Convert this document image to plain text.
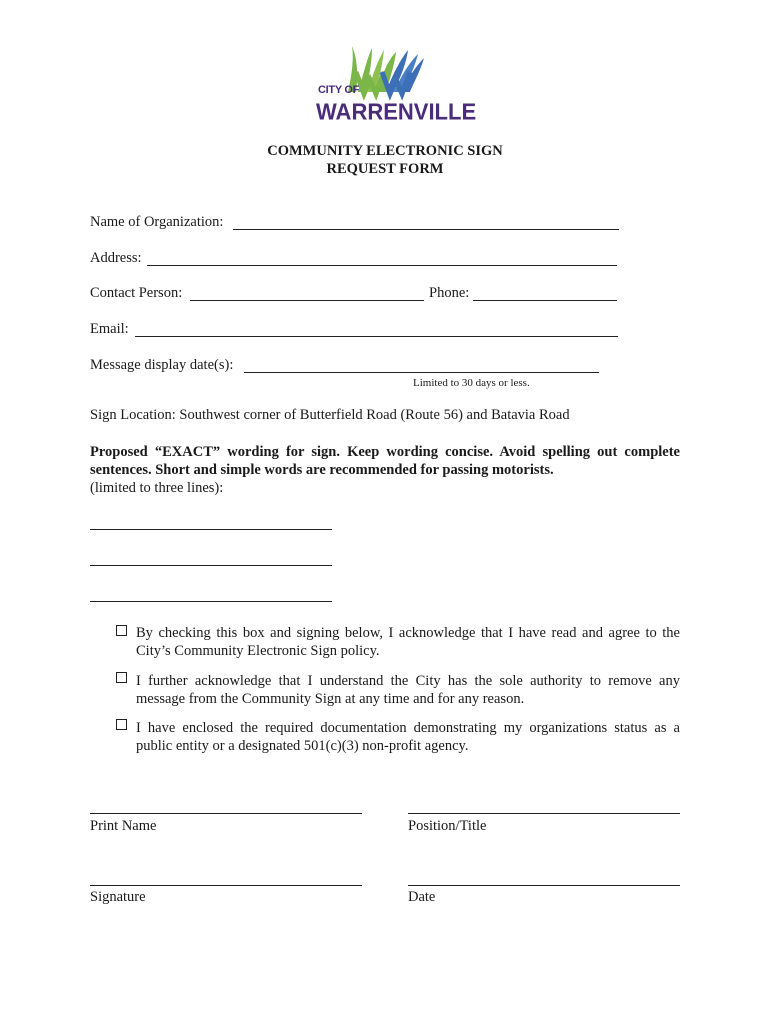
CITY OF
WARRENVILLE
COMMUNITY ELECTRONIC SIGN
REQUEST FORM
Name of Organization:
Address:
Contact Person:	Phone:
Email:
Message display date(s):
Limited to 30 days or less.
Sign Location: Southwest corner of Butterfield Road (Route 56) and Batavia Road
Proposed “EXACT” wording for sign. Keep wording concise. Avoid spelling out complete sentences. Short and simple words are recommended for passing motorists.
(limited to three lines):
By checking this box and signing below, I acknowledge that I have read and agree to the City’s Community Electronic Sign policy.
I further acknowledge that I understand the City has the sole authority to remove any message from the Community Sign at any time and for any reason.
I have enclosed the required documentation demonstrating my organizations status as a public entity or a designated 501(c)(3) non-profit agency.
Print Name	Position/Title
Signature	Date
